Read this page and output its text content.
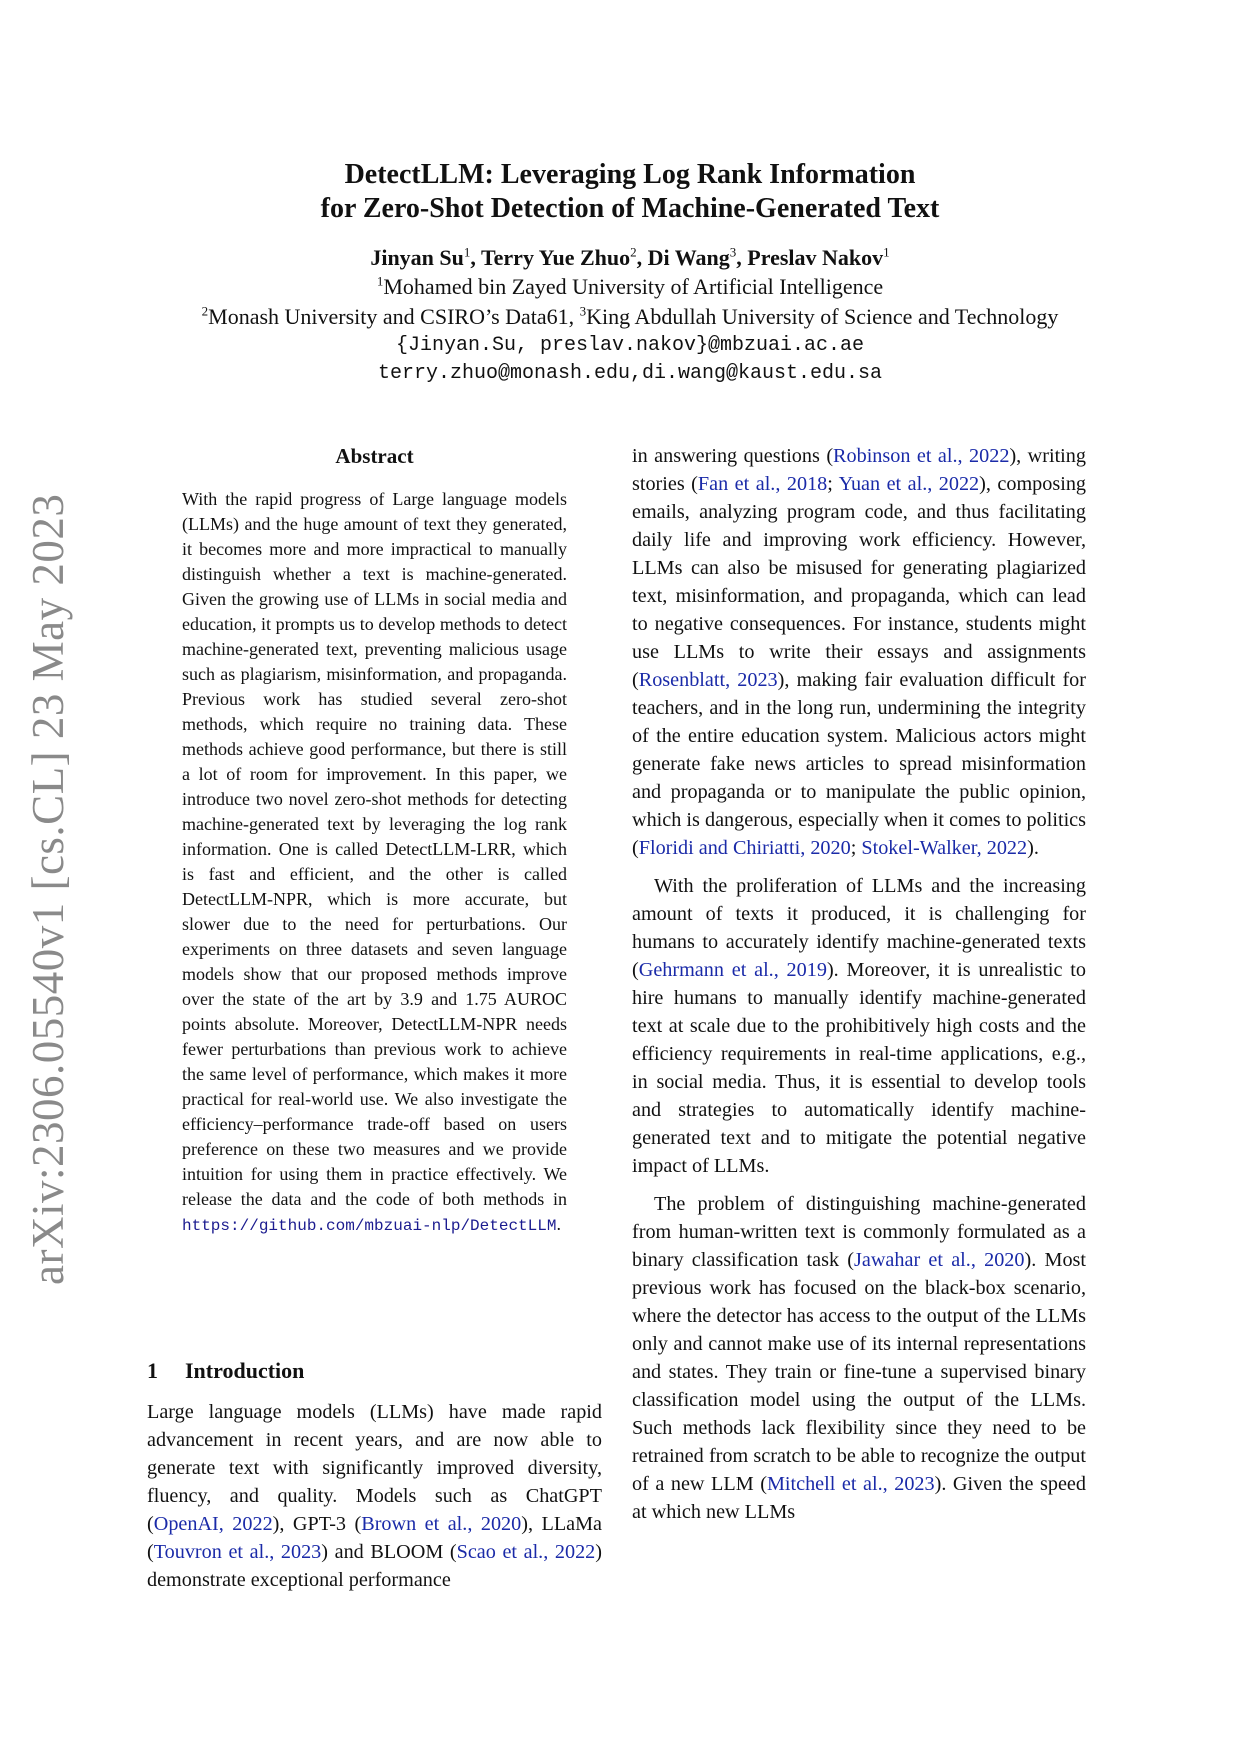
arXiv:2306.05540v1 [cs.CL] 23 May 2023
DetectLLM: Leveraging Log Rank Information
for Zero-Shot Detection of Machine-Generated Text
Jinyan Su$^1$, Terry Yue Zhuo$^2$, Di Wang$^3$, Preslav Nakov$^1$
$^1$Mohamed bin Zayed University of Artificial Intelligence
$^2$Monash University and CSIRO’s Data61, $^3$King Abdullah University of Science and Technology
{Jinyan.Su, preslav.nakov}@mbzuai.ac.ae
terry.zhuo@monash.edu,di.wang@kaust.edu.sa
Abstract

With the rapid progress of Large language models (LLMs) and the huge amount of text they generated, it becomes more and more impractical to manually distinguish whether a text is machine-generated. Given the growing use of LLMs in social media and education, it prompts us to develop methods to detect machine-generated text, preventing malicious usage such as plagiarism, misinformation, and propaganda. Previous work has studied several zero-shot methods, which require no training data. These methods achieve good performance, but there is still a lot of room for improvement. In this paper, we introduce two novel zero-shot methods for detecting machine-generated text by leveraging the log rank information. One is called DetectLLM-LRR, which is fast and efficient, and the other is called DetectLLM-NPR, which is more accurate, but slower due to the need for perturbations. Our experiments on three datasets and seven language models show that our proposed methods improve over the state of the art by 3.9 and 1.75 AUROC points absolute. Moreover, DetectLLM-NPR needs fewer perturbations than previous work to achieve the same level of performance, which makes it more practical for real-world use. We also investigate the efficiency–performance trade-off based on users preference on these two measures and we provide intuition for using them in practice effectively. We release the data and the code of both methods in https://github.com/mbzuai-nlp/DetectLLM.

1 Introduction

Large language models (LLMs) have made rapid advancement in recent years, and are now able to generate text with significantly improved diversity, fluency, and quality. Models such as ChatGPT (OpenAI, 2022), GPT-3 (Brown et al., 2020), LLaMa (Touvron et al., 2023) and BLOOM (Scao et al., 2022) demonstrate exceptional performance

in answering questions (Robinson et al., 2022), writing stories (Fan et al., 2018; Yuan et al., 2022), composing emails, analyzing program code, and thus facilitating daily life and improving work efficiency. However, LLMs can also be misused for generating plagiarized text, misinformation, and propaganda, which can lead to negative consequences. For instance, students might use LLMs to write their essays and assignments (Rosenblatt, 2023), making fair evaluation difficult for teachers, and in the long run, undermining the integrity of the entire education system. Malicious actors might generate fake news articles to spread misinformation and propaganda or to manipulate the public opinion, which is dangerous, especially when it comes to politics (Floridi and Chiriatti, 2020; Stokel-Walker, 2022).

With the proliferation of LLMs and the increasing amount of texts it produced, it is challenging for humans to accurately identify machine-generated texts (Gehrmann et al., 2019). Moreover, it is unrealistic to hire humans to manually identify machine-generated text at scale due to the prohibitively high costs and the efficiency requirements in real-time applications, e.g., in social media. Thus, it is essential to develop tools and strategies to automatically identify machine-generated text and to mitigate the potential negative impact of LLMs.

The problem of distinguishing machine-generated from human-written text is commonly formulated as a binary classification task (Jawahar et al., 2020). Most previous work has focused on the black-box scenario, where the detector has access to the output of the LLMs only and cannot make use of its internal representations and states. They train or fine-tune a supervised binary classification model using the output of the LLMs. Such methods lack flexibility since they need to be retrained from scratch to be able to recognize the output of a new LLM (Mitchell et al., 2023). Given the speed at which new LLMs
